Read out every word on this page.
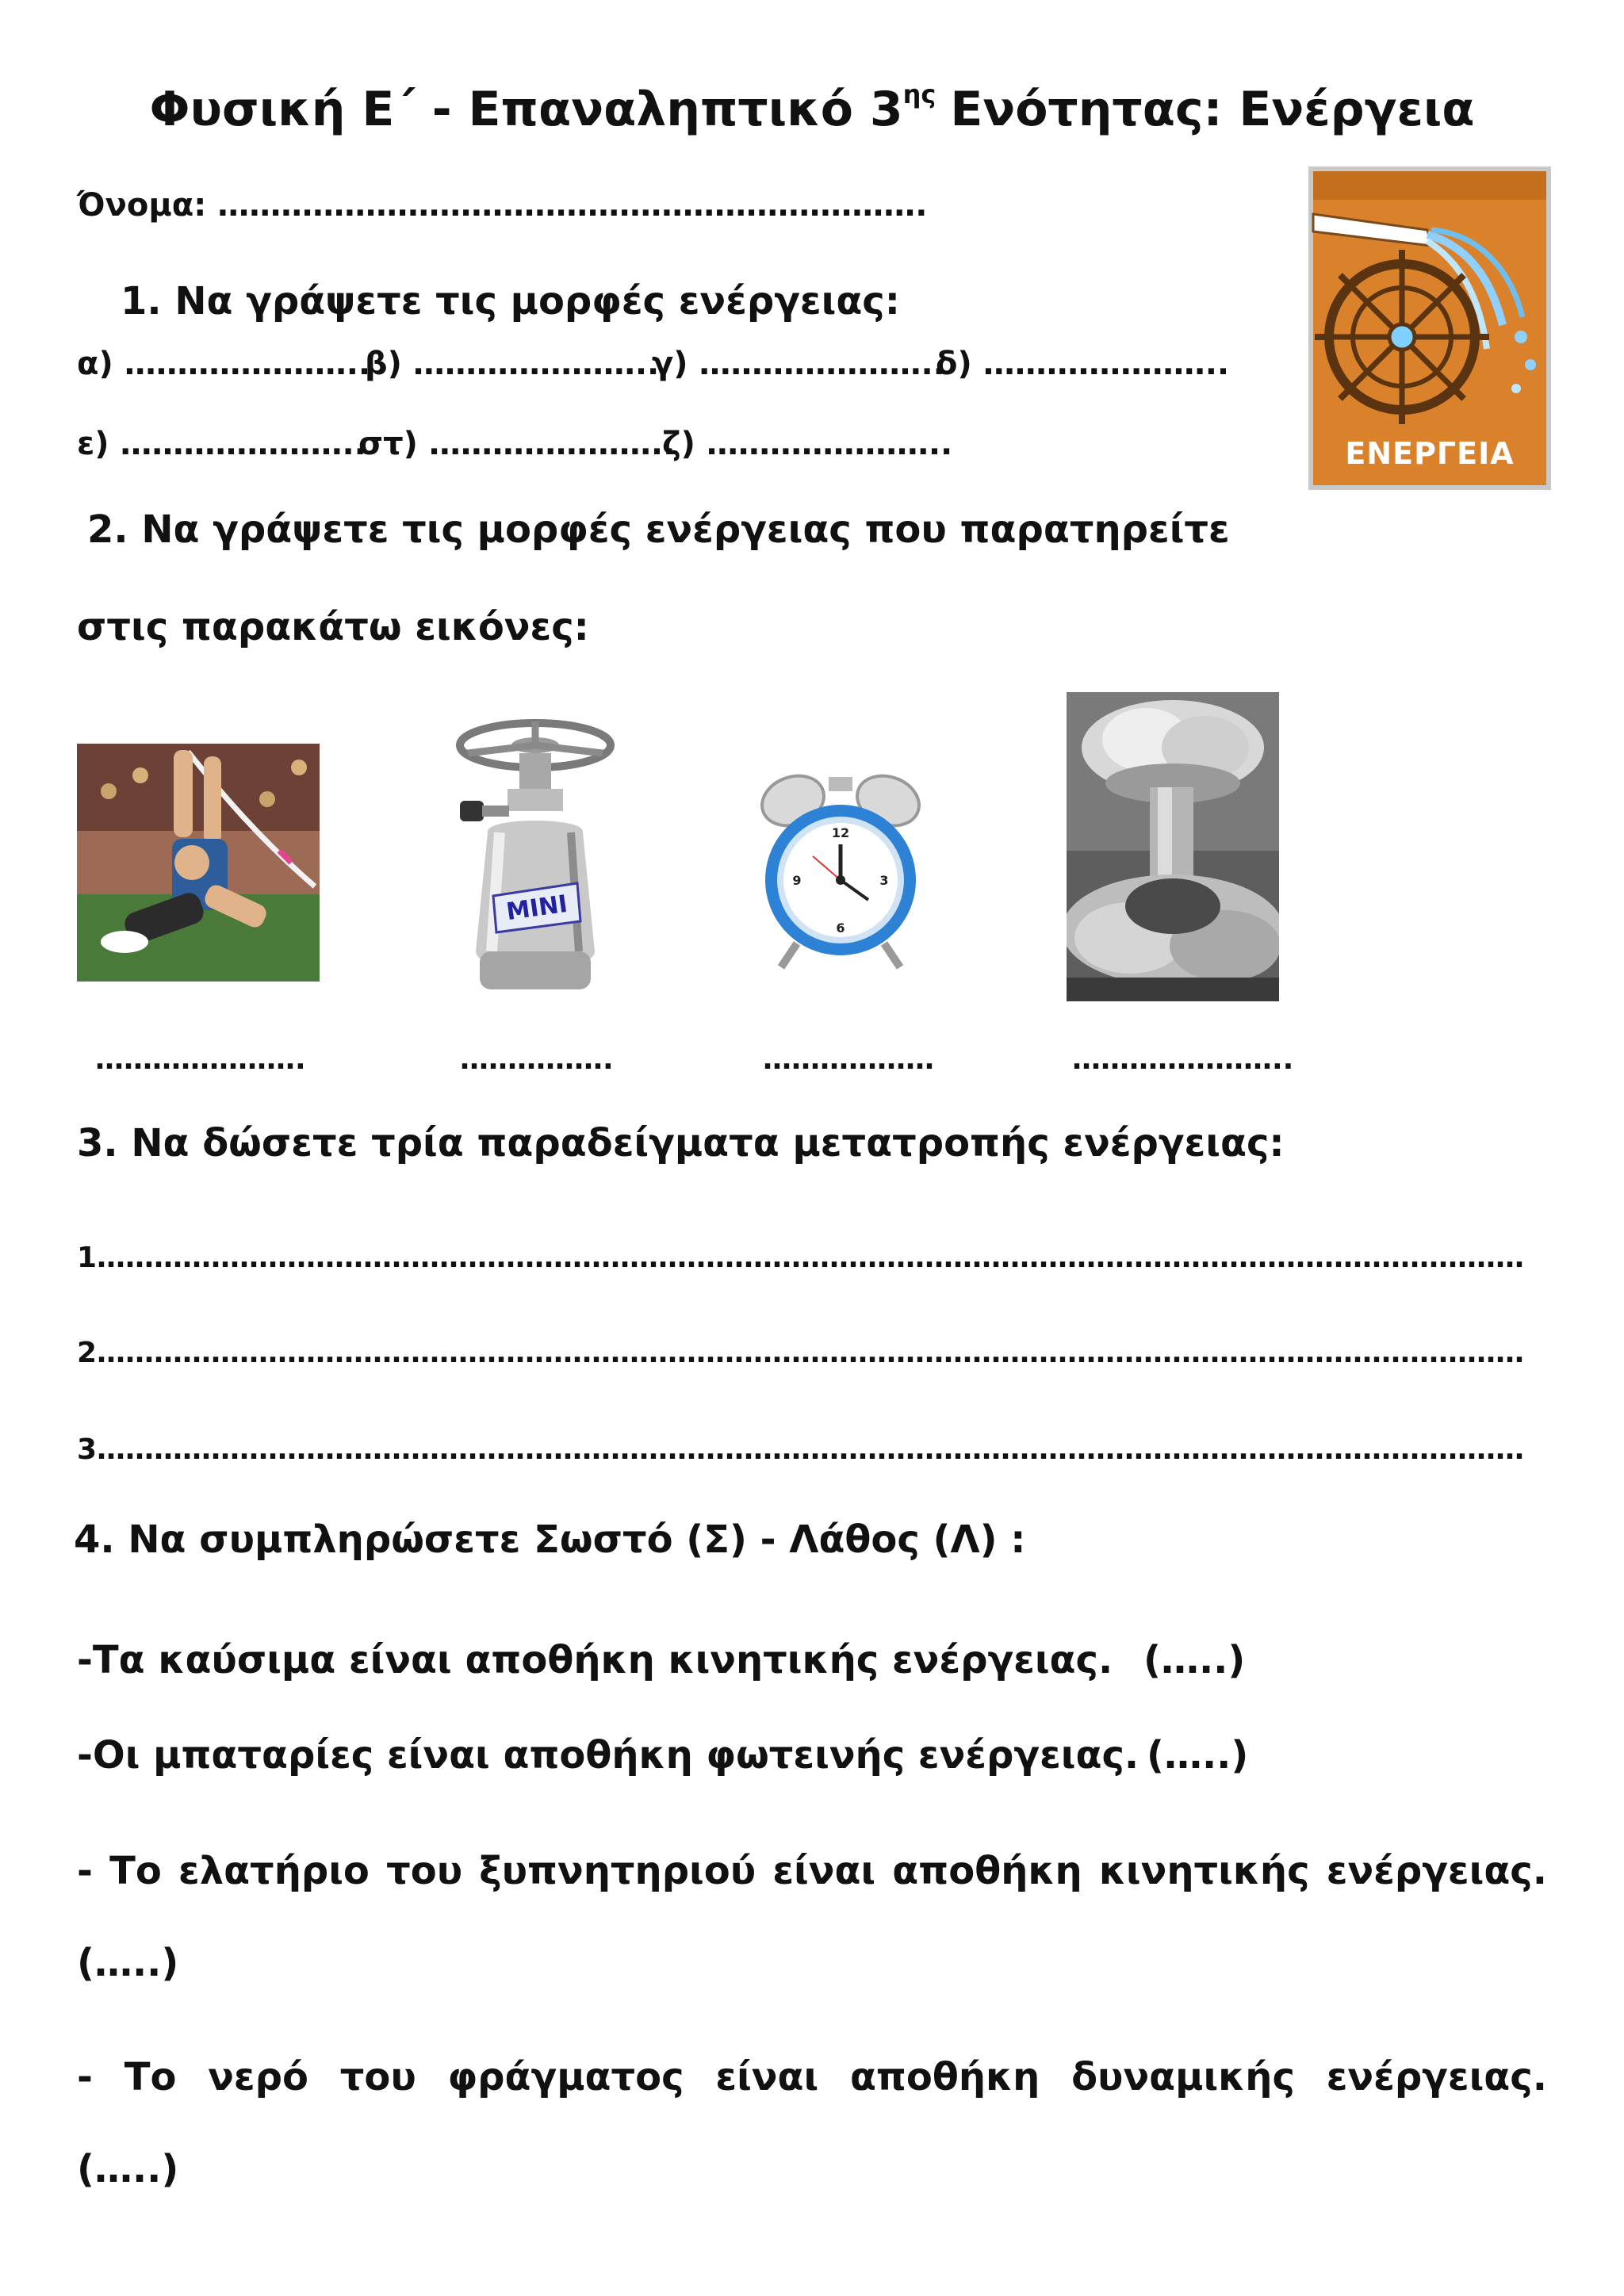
Φυσική Ε΄ - Επαναληπτικό $3^{\eta\varsigma}$ Ενότητας: Ενέργεια
Όνομα: ………………………………………………………….
ΕΝΕΡΓΕΙΑ
1. Να γράψετε τις μορφές ενέργειας:
α) …………………..
β) …………………..
γ) …………………..
δ) …………………..
ε) …………………..
στ) …………………..
ζ) …………………..
2. Να γράψετε τις μορφές ενέργειας που παρατηρείτε
στις παρακάτω εικόνες:
MINI
12
3
6
9
………………….	…………….	………………	…………………..
3. Να δώσετε τρία παραδείγματα μετατροπής ενέργειας:
1……………………………………………………………………………………………………………………………………
2……………………………………………………………………………………………………………………………………
3……………………………………………………………………………………………………………………………………
4. Να συμπληρώσετε Σωστό (Σ) - Λάθος (Λ) :
-Τα καύσιμα είναι αποθήκη κινητικής ενέργειας. (…..)
-Οι μπαταρίες είναι αποθήκη φωτεινής ενέργειας. (…..)
- Το ελατήριο του ξυπνητηριού είναι αποθήκη κινητικής ενέργειας.
(…..)
- Το νερό του φράγματος είναι αποθήκη δυναμικής ενέργειας.
(…..)
